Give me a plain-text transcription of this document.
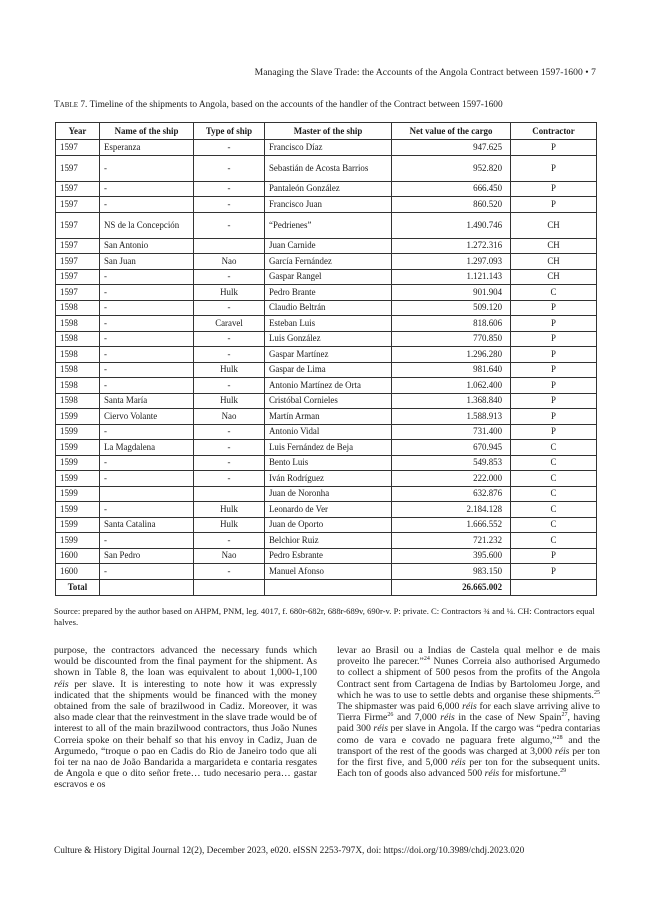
Managing the Slave Trade: the Accounts of the Angola Contract between 1597-1600 • 7
Table 7. Timeline of the shipments to Angola, based on the accounts of the handler of the Contract between 1597-1600
Year	Name of the ship	Type of ship	Master of the ship	Net value of the cargo	Contractor
1597	Esperanza	-	Francisco Díaz	947.625	P
1597	-	-	Sebastián de Acosta Barrios	952.820	P
1597	-	-	Pantaleón González	666.450	P
1597	-	-	Francisco Juan	860.520	P
1597	NS de la Concepción	-	“Pedrienes”	1.490.746	CH
1597	San Antonio		Juan Carnide	1.272.316	CH
1597	San Juan	Nao	García Fernández	1.297.093	CH
1597	-	-	Gaspar Rangel	1.121.143	CH
1597	-	Hulk	Pedro Brante	901.904	C
1598	-	-	Claudio Beltrán	509.120	P
1598	-	Caravel	Esteban Luis	818.606	P
1598	-	-	Luis González	770.850	P
1598	-	-	Gaspar Martínez	1.296.280	P
1598	-	Hulk	Gaspar de Lima	981.640	P
1598	-	-	Antonio Martínez de Orta	1.062.400	P
1598	Santa María	Hulk	Cristóbal Cornieles	1.368.840	P
1599	Ciervo Volante	Nao	Martín Arman	1.588.913	P
1599	-	-	Antonio Vidal	731.400	P
1599	La Magdalena	-	Luis Fernández de Beja	670.945	C
1599	-	-	Bento Luis	549.853	C
1599	-	-	Iván Rodríguez	222.000	C
1599			Juan de Noronha	632.876	C
1599	-	Hulk	Leonardo de Ver	2.184.128	C
1599	Santa Catalina	Hulk	Juan de Oporto	1.666.552	C
1599	-	-	Belchior Ruiz	721.232	C
1600	San Pedro	Nao	Pedro Esbrante	395.600	P
1600	-	-	Manuel Afonso	983.150	P
Total				26.665.002	
Source: prepared by the author based on AHPM, PNM, leg. 4017, f. 680r-682r, 688r-689v, 690r-v. P: private. C: Contractors ¾ and ¼. CH: Contractors equal halves.
purpose, the contractors advanced the necessary funds which would be discounted from the final payment for the shipment. As shown in Table 8, the loan was equivalent to about 1,000-1,100 réis per slave. It is interesting to note how it was expressly indicated that the shipments would be financed with the money obtained from the sale of brazilwood in Cadiz. Moreover, it was also made clear that the reinvestment in the slave trade would be of interest to all of the main brazilwood contractors, thus João Nunes Correia spoke on their behalf so that his envoy in Cadiz, Juan de Argumedo, “troque o pao en Cadis do Rio de Janeiro todo que ali foi ter na nao de João Bandarida a margarideta e contaria resgates de Angola e que o dito señor frete… tudo necesario pera… gastar escravos e os
levar ao Brasil ou a Indias de Castela qual melhor e de mais proveito lhe parecer.”$^{24}$ Nunes Correia also authorised Argumedo to collect a shipment of 500 pesos from the profits of the Angola Contract sent from Cartagena de Indias by Bartolomeu Jorge, and which he was to use to settle debts and organise these shipments.$^{25}$ The shipmaster was paid 6,000 réis for each slave arriving alive to Tierra Firme$^{26}$ and 7,000 réis in the case of New Spain$^{27}$, having paid 300 réis per slave in Angola. If the cargo was “pedra contarias como de vara e covado ne paguara frete algumo,”$^{28}$ and the transport of the rest of the goods was charged at 3,000 réis per ton for the first five, and 5,000 réis per ton for the subsequent units. Each ton of goods also advanced 500 réis for misfortune.$^{29}$
Culture & History Digital Journal 12(2), December 2023, e020. eISSN 2253-797X, doi: https://doi.org/10.3989/chdj.2023.020
